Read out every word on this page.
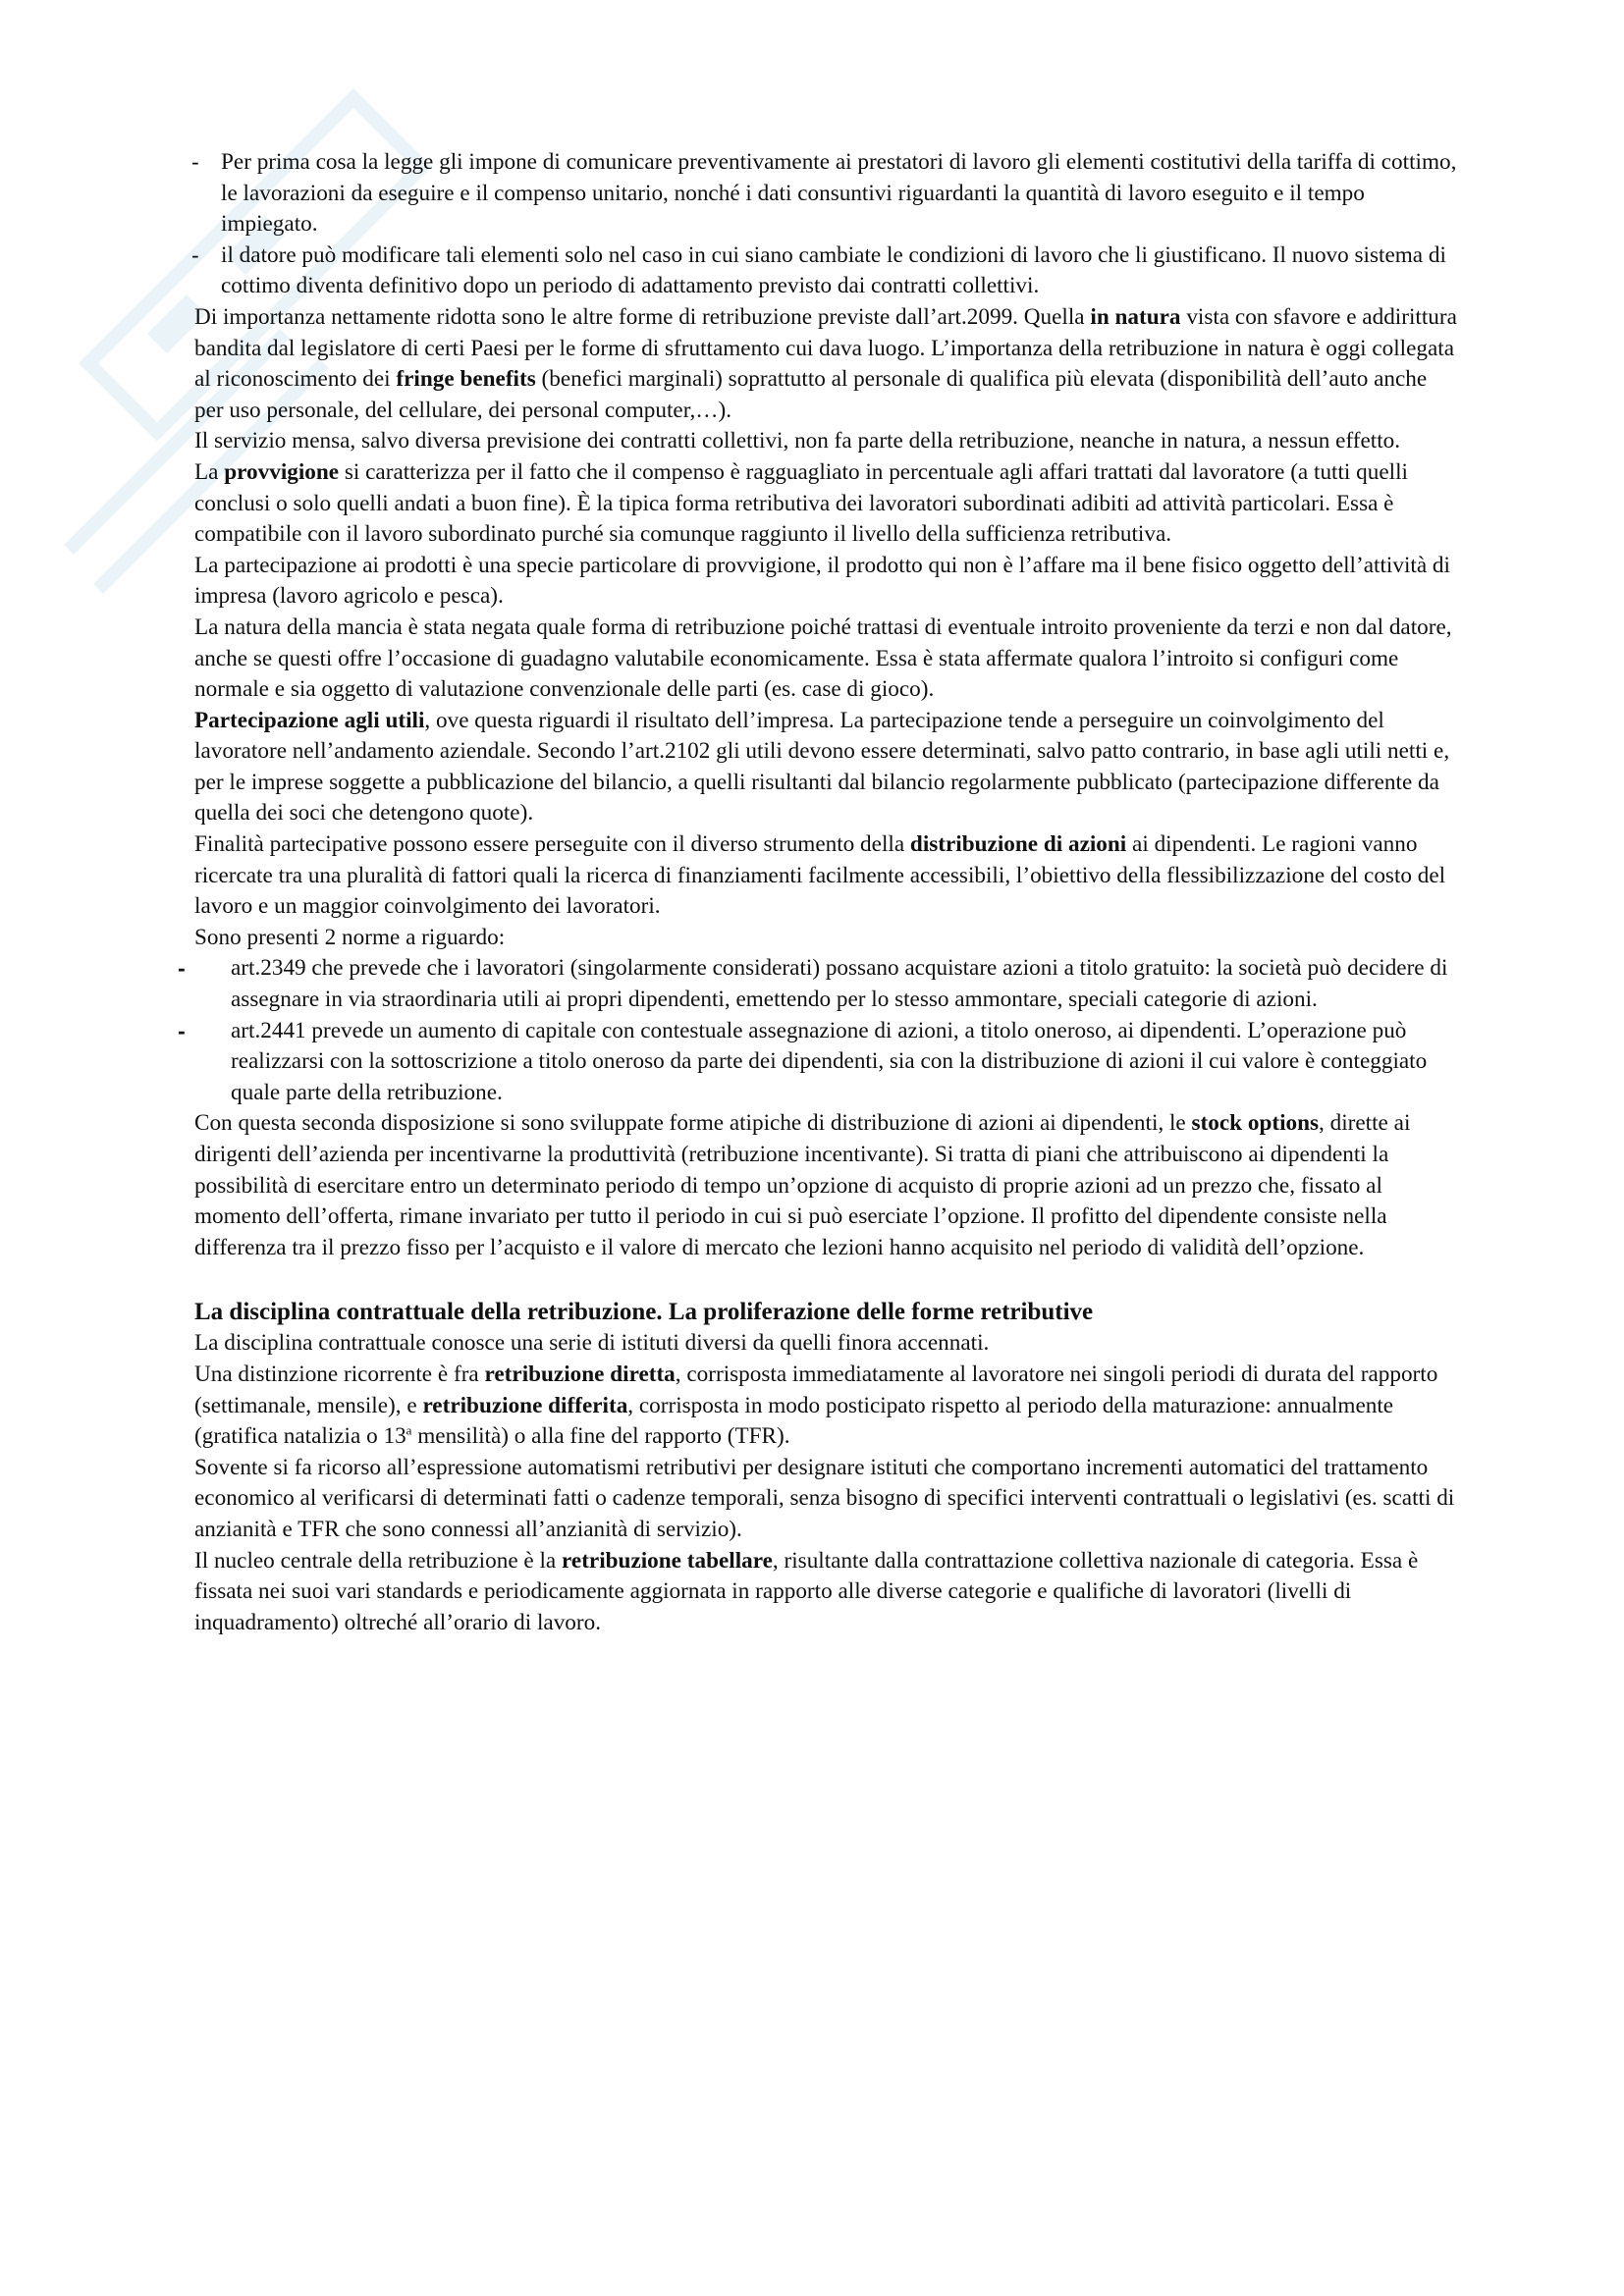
- Per prima cosa la legge gli impone di comunicare preventivamente ai prestatori di lavoro gli elementi costitutivi della tariffa di cottimo, le lavorazioni da eseguire e il compenso unitario, nonché i dati consuntivi riguardanti la quantità di lavoro eseguito e il tempo impiegato.
- il datore può modificare tali elementi solo nel caso in cui siano cambiate le condizioni di lavoro che li giustificano. Il nuovo sistema di cottimo diventa definitivo dopo un periodo di adattamento previsto dai contratti collettivi.

Di importanza nettamente ridotta sono le altre forme di retribuzione previste dall’art.2099. Quella in natura vista con sfavore e addirittura bandita dal legislatore di certi Paesi per le forme di sfruttamento cui dava luogo. L’importanza della retribuzione in natura è oggi collegata al riconoscimento dei fringe benefits (benefici marginali) soprattutto al personale di qualifica più elevata (disponibilità dell’auto anche per uso personale, del cellulare, dei personal computer,…).

Il servizio mensa, salvo diversa previsione dei contratti collettivi, non fa parte della retribuzione, neanche in natura, a nessun effetto.

La provvigione si caratterizza per il fatto che il compenso è ragguagliato in percentuale agli affari trattati dal lavoratore (a tutti quelli conclusi o solo quelli andati a buon fine). È la tipica forma retributiva dei lavoratori subordinati adibiti ad attività particolari. Essa è compatibile con il lavoro subordinato purché sia comunque raggiunto il livello della sufficienza retributiva.

La partecipazione ai prodotti è una specie particolare di provvigione, il prodotto qui non è l’affare ma il bene fisico oggetto dell’attività di impresa (lavoro agricolo e pesca).

La natura della mancia è stata negata quale forma di retribuzione poiché trattasi di eventuale introito proveniente da terzi e non dal datore, anche se questi offre l’occasione di guadagno valutabile economicamente. Essa è stata affermate qualora l’introito si configuri come normale e sia oggetto di valutazione convenzionale delle parti (es. case di gioco).

Partecipazione agli utili, ove questa riguardi il risultato dell’impresa. La partecipazione tende a perseguire un coinvolgimento del lavoratore nell’andamento aziendale. Secondo l’art.2102 gli utili devono essere determinati, salvo patto contrario, in base agli utili netti e, per le imprese soggette a pubblicazione del bilancio, a quelli risultanti dal bilancio regolarmente pubblicato (partecipazione differente da quella dei soci che detengono quote).

Finalità partecipative possono essere perseguite con il diverso strumento della distribuzione di azioni ai dipendenti. Le ragioni vanno ricercate tra una pluralità di fattori quali la ricerca di finanziamenti facilmente accessibili, l’obiettivo della flessibilizzazione del costo del lavoro e un maggior coinvolgimento dei lavoratori.

Sono presenti 2 norme a riguardo:

- art.2349 che prevede che i lavoratori (singolarmente considerati) possano acquistare azioni a titolo gratuito: la società può decidere di assegnare in via straordinaria utili ai propri dipendenti, emettendo per lo stesso ammontare, speciali categorie di azioni.
- art.2441 prevede un aumento di capitale con contestuale assegnazione di azioni, a titolo oneroso, ai dipendenti. L’operazione può realizzarsi con la sottoscrizione a titolo oneroso da parte dei dipendenti, sia con la distribuzione di azioni il cui valore è conteggiato quale parte della retribuzione.

Con questa seconda disposizione si sono sviluppate forme atipiche di distribuzione di azioni ai dipendenti, le stock options, dirette ai dirigenti dell’azienda per incentivarne la produttività (retribuzione incentivante). Si tratta di piani che attribuiscono ai dipendenti la possibilità di esercitare entro un determinato periodo di tempo un’opzione di acquisto di proprie azioni ad un prezzo che, fissato al momento dell’offerta, rimane invariato per tutto il periodo in cui si può eserciate l’opzione. Il profitto del dipendente consiste nella differenza tra il prezzo fisso per l’acquisto e il valore di mercato che lezioni hanno acquisito nel periodo di validità dell’opzione.

La disciplina contrattuale della retribuzione. La proliferazione delle forme retributive

La disciplina contrattuale conosce una serie di istituti diversi da quelli finora accennati.

Una distinzione ricorrente è fra retribuzione diretta, corrisposta immediatamente al lavoratore nei singoli periodi di durata del rapporto (settimanale, mensile), e retribuzione differita, corrisposta in modo posticipato rispetto al periodo della maturazione: annualmente (gratifica natalizia o 13$^a$ mensilità) o alla fine del rapporto (TFR).

Sovente si fa ricorso all’espressione automatismi retributivi per designare istituti che comportano incrementi automatici del trattamento economico al verificarsi di determinati fatti o cadenze temporali, senza bisogno di specifici interventi contrattuali o legislativi (es. scatti di anzianità e TFR che sono connessi all’anzianità di servizio).

Il nucleo centrale della retribuzione è la retribuzione tabellare, risultante dalla contrattazione collettiva nazionale di categoria. Essa è fissata nei suoi vari standards e periodicamente aggiornata in rapporto alle diverse categorie e qualifiche di lavoratori (livelli di inquadramento) oltreché all’orario di lavoro.
